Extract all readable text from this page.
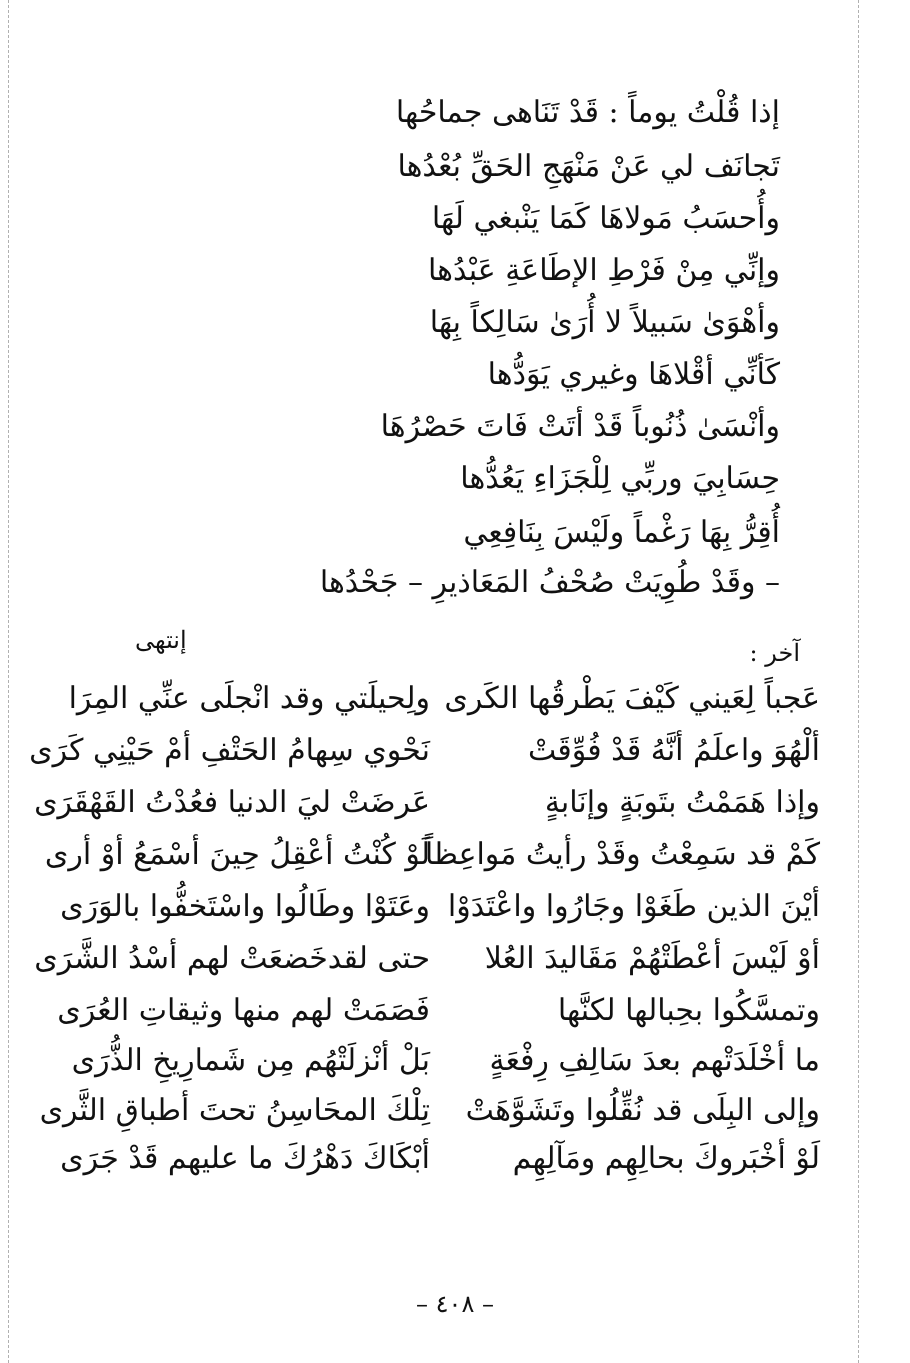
إذا قُلْتُ يوماً : قَدْ تَنَاهى جماحُها
تَجانَف لي عَنْ مَنْهَجِ الحَقِّ بُعْدُها
وأُحسَبُ مَولاهَا كَمَا يَنْبغي لَهَا
وإنِّي مِنْ فَرْطِ الإطَاعَةِ عَبْدُها
وأهْوَىٰ سَبيلاً لا أُرَىٰ سَالِكاً بِهَا
كَأنِّي أقْلاهَا وغيري يَوَدُّها
وأنْسَىٰ ذُنُوباً قَدْ أتَتْ فَاتَ حَصْرُهَا
حِسَابِيَ وربِّي لِلْجَزَاءِ يَعُدُّها
أُقِرُّ بِهَا رَغْماً ولَيْسَ بِنَافِعِي
– وقَدْ طُوِيَتْ صُحْفُ المَعَاذيرِ – جَحْدُها
إنتهى	آخر :
عَجباً لِعَيني كَيْفَ يَطْرقُها الكَرى
ولِحيلَتي وقد انْجلَى عنِّي المِرَا
ألْهُوَ واعلَمُ أنَّهُ قَدْ فُوِّقَتْ
نَحْوي سِهامُ الحَتْفِ أمْ حَيْنِي كَرَى
وإذا هَمَمْتُ بتَوبَةٍ وإنَابةٍ
عَرضَتْ ليَ الدنيا فعُدْتُ القَهْقَرَى
كَمْ قد سَمِعْتُ وقَدْ رأيتُ مَواعِظاً
لَوْ كُنْتُ أعْقِلُ حِينَ أسْمَعُ أوْ أرى
أيْنَ الذين طَغَوْا وجَارُوا واعْتَدَوْا
وعَتَوْا وطَالُوا واسْتَخفُّوا بالوَرَى
أوْ لَيْسَ أعْطَتْهُمْ مَقَاليدَ العُلا
حتى لقدخَضعَتْ لهم أسْدُ الشَّرَى
وتمسَّكُوا بحِبالها لكنَّها
فَصَمَتْ لهم منها وثيقاتِ العُرَى
ما أخْلَدَتْهم بعدَ سَالِفِ رِفْعَةٍ
بَلْ أنْزلَتْهُم مِن شَمارِيخِ الذُّرَى
وإلى البِلَى قد نُقِّلُوا وتَشَوَّهَتْ
تِلْكَ المحَاسِنُ تحتَ أطباقِ الثَّرى
لَوْ أخْبَروكَ بحالِهِم ومَآلِهِم
أبْكَاكَ دَهْرُكَ ما عليهم قَدْ جَرَى
– ٤٠٨ –
